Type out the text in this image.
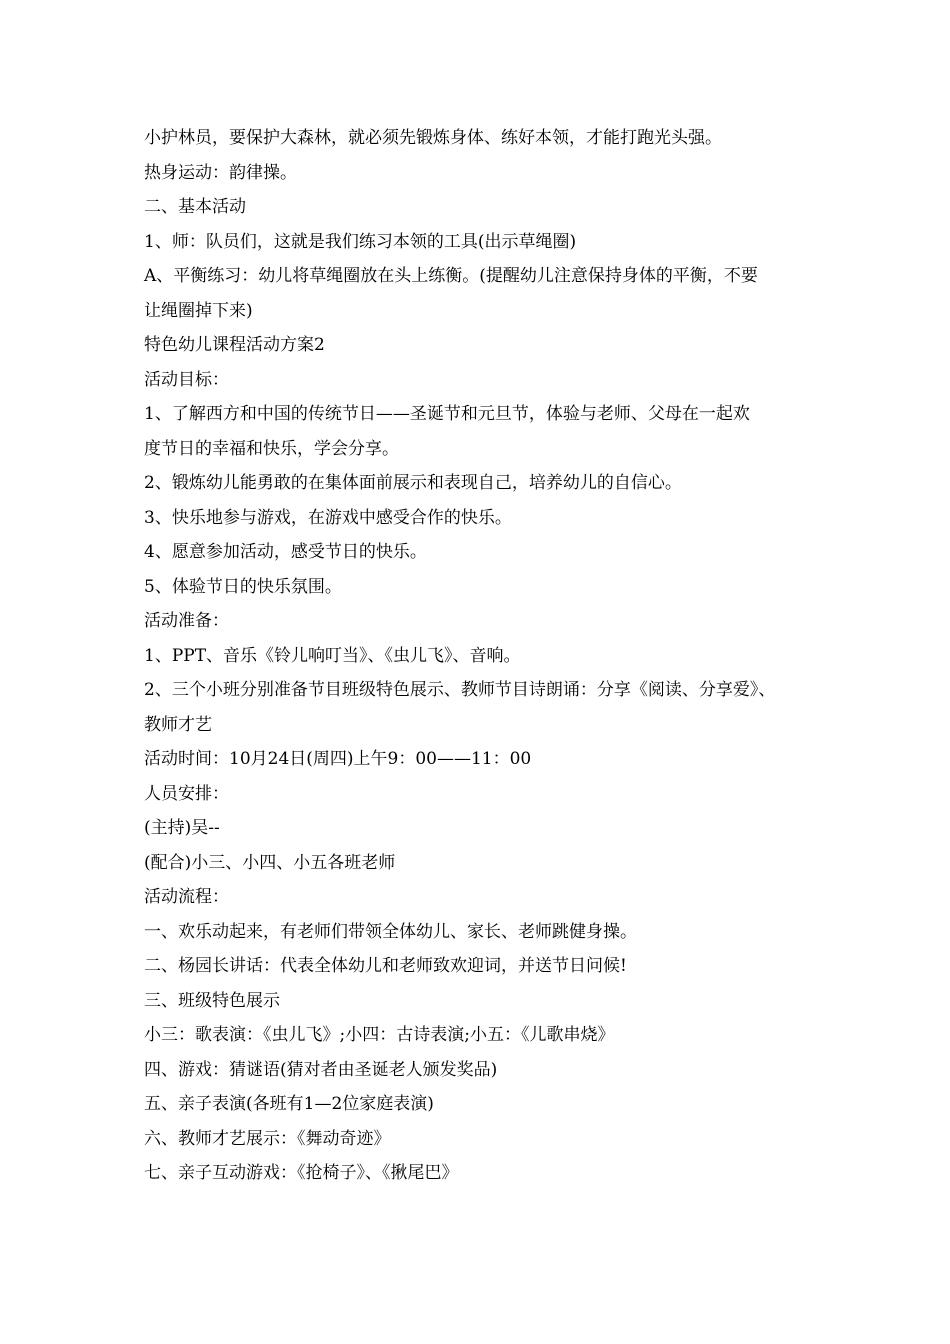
小护林员，要保护大森林，就必须先锻炼身体、练好本领，才能打跑光头强。
热身运动：韵律操。
二、基本活动
1、师：队员们，这就是我们练习本领的工具(出示草绳圈)
A、平衡练习：幼儿将草绳圈放在头上练衡。(提醒幼儿注意保持身体的平衡，不要
让绳圈掉下来)
特色幼儿课程活动方案2
活动目标：
1、了解西方和中国的传统节日——圣诞节和元旦节，体验与老师、父母在一起欢
度节日的幸福和快乐，学会分享。
2、锻炼幼儿能勇敢的在集体面前展示和表现自己，培养幼儿的自信心。
3、快乐地参与游戏，在游戏中感受合作的快乐。
4、愿意参加活动，感受节日的快乐。
5、体验节日的快乐氛围。
活动准备：
1、PPT、音乐《铃儿响叮当》、《虫儿飞》、音响。
2、三个小班分别准备节目班级特色展示、教师节目诗朗诵：分享《阅读、分享爱》、
教师才艺
活动时间：10月24日(周四)上午9：00——11：00
人员安排：
(主持)吴--
(配合)小三、小四、小五各班老师
活动流程：
一、欢乐动起来，有老师们带领全体幼儿、家长、老师跳健身操。
二、杨园长讲话：代表全体幼儿和老师致欢迎词，并送节日问候!
三、班级特色展示
小三：歌表演：《虫儿飞》;小四：古诗表演;小五：《儿歌串烧》
四、游戏：猜谜语(猜对者由圣诞老人颁发奖品)
五、亲子表演(各班有1—2位家庭表演)
六、教师才艺展示：《舞动奇迹》
七、亲子互动游戏：《抢椅子》、《揪尾巴》
